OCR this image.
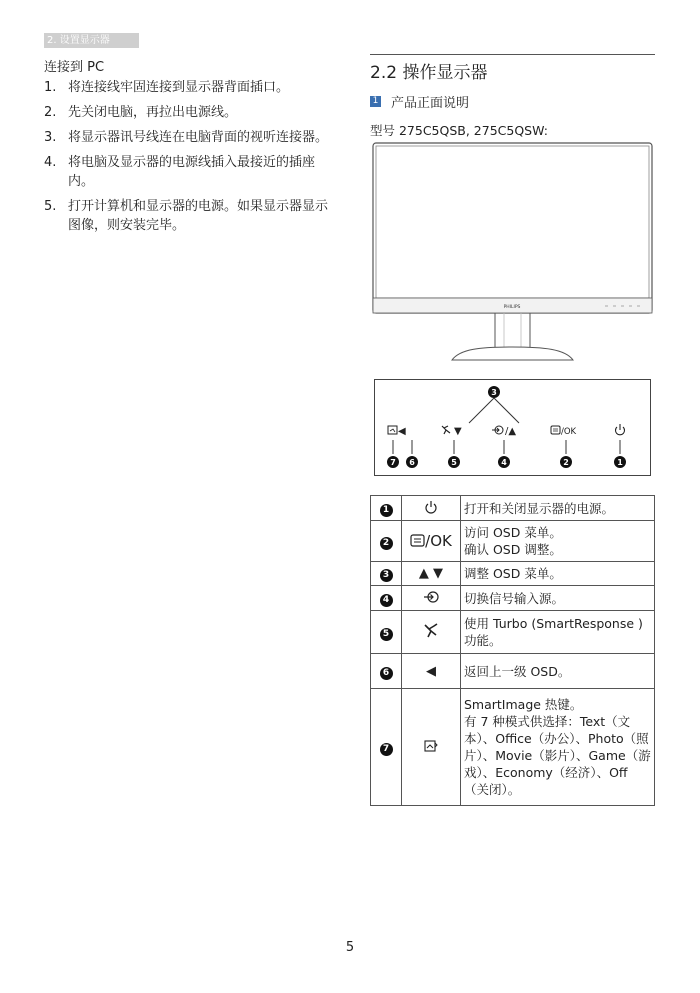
2. 设置显示器
连接到 PC
1. 将连接线牢固连接到显示器背面插口。
2. 先关闭电脑，再拉出电源线。
3. 将显示器讯号线连在电脑背面的视听连接器。
4. 将电脑及显示器的电源线插入最接近的插座内。
5. 打开计算机和显示器的电源。如果显示器显示图像，则安装完毕。
2.2 操作显示器
1 产品正面说明
型号 275C5QSB, 275C5QSW:
PHILIPS
◀	▼	/▲	/OK
3
7 6	5	4	2	1
1		打开和关闭显示器的电源。
2	/OK	访问 OSD 菜单。
确认 OSD 调整。
3	▲ ▼	调整 OSD 菜单。
4		切换信号输入源。
5		使用 Turbo (SmartResponse ) 功能。
6	◀	返回上一级 OSD。
7		SmartImage 热键。
有 7 种模式供选择：Text（文本）、Office（办公）、Photo（照片）、Movie（影片）、Game（游戏）、Economy（经济）、Off（关闭）。
5
